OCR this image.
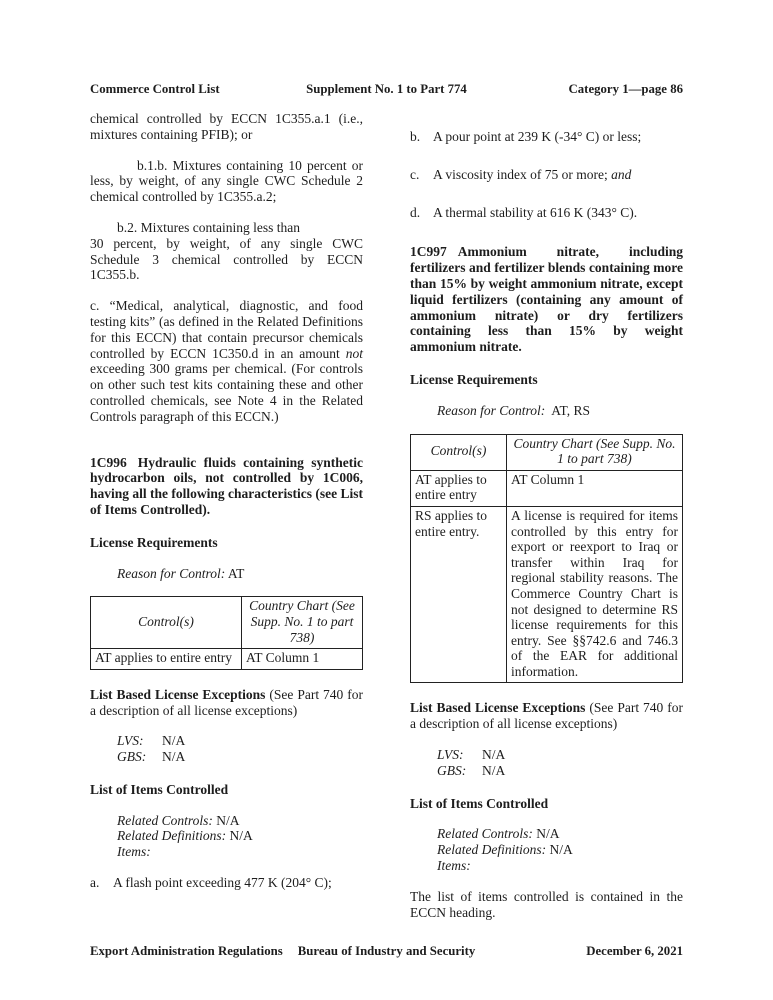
Commerce Control List	Supplement No. 1 to Part 774	Category 1—page 86

chemical controlled by ECCN 1C355.a.1 (i.e., mixtures containing PFIB); or

b.1.b. Mixtures containing 10 percent or less, by weight, of any single CWC Schedule 2 chemical controlled by 1C355.a.2;

b.2. Mixtures containing less than
30 percent, by weight, of any single CWC Schedule 3 chemical controlled by ECCN 1C355.b.

c. “Medical, analytical, diagnostic, and food testing kits” (as defined in the Related Definitions for this ECCN) that contain precursor chemicals controlled by ECCN 1C350.d in an amount not exceeding 300 grams per chemical. (For controls on other such test kits containing these and other controlled chemicals, see Note 4 in the Related Controls paragraph of this ECCN.)

1C996 Hydraulic fluids containing synthetic hydrocarbon oils, not controlled by 1C006, having all the following characteristics (see List of Items Controlled).

License Requirements

Reason for Control: AT

Control(s)	Country Chart (See Supp. No. 1 to part 738)
AT applies to entire entry	AT Column 1

List Based License Exceptions (See Part 740 for a description of all license exceptions)

LVS: N/A
GBS: N/A

List of Items Controlled

Related Controls: N/A
Related Definitions: N/A
Items:
a.	A flash point exceeding 477 K (204° C);
b. A pour point at 239 K (-34° C) or less;
c.	A viscosity index of 75 or more; and
d. A thermal stability at 616 K (343° C).

1C997 Ammonium nitrate, including fertilizers and fertilizer blends containing more than 15% by weight ammonium nitrate, except liquid fertilizers (containing any amount of ammonium nitrate) or dry fertilizers containing less than 15% by weight ammonium nitrate.

License Requirements

Reason for Control: AT, RS

Control(s)	Country Chart (See Supp. No. 1 to part 738)
AT applies to entire entry	AT Column 1
RS applies to entire entry.	A license is required for items controlled by this entry for export or reexport to Iraq or transfer within Iraq for regional stability reasons. The Commerce Country Chart is not designed to determine RS license requirements for this entry. See §§742.6 and 746.3 of the EAR for additional information.

List Based License Exceptions (See Part 740 for a description of all license exceptions)

LVS: N/A
GBS: N/A

List of Items Controlled

Related Controls: N/A
Related Definitions: N/A
Items:

The list of items controlled is contained in the ECCN heading.

Export Administration Regulations	Bureau of Industry and Security	December 6, 2021
